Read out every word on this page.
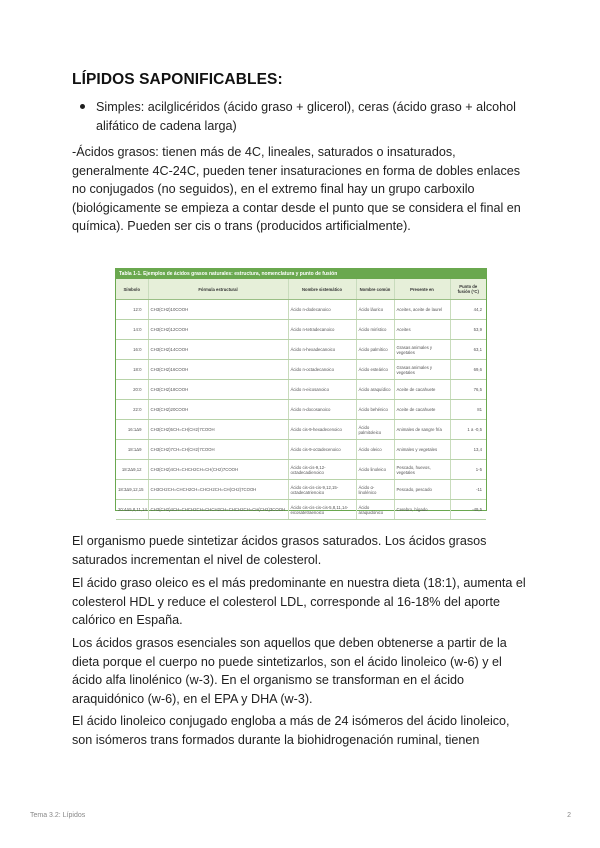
LÍPIDOS SAPONIFICABLES:
Simples: acilglicéridos (ácido graso + glicerol), ceras (ácido graso + alcohol alifático de cadena larga)
-Ácidos grasos: tienen más de 4C, lineales, saturados o insaturados, generalmente 4C-24C, pueden tener insaturaciones en forma de dobles enlaces no conjugados (no seguidos), en el extremo final hay un grupo carboxilo (biológicamente se empieza a contar desde el punto que se considera el final en química). Pueden ser cis o trans (producidos artificialmente).
Tabla 1-1. Ejemplos de ácidos grasos naturales: estructura, nomenclatura y punto de fusión
Símbolo	Fórmula estructural	Nombre sistemático	Nombre común	Presente en	Punto de fusión (°C)
12:0	CH3(CH2)10COOH	Ácido n-dodecanoico	Ácido láurico	Aceites, aceite de laurel	44,2
14:0	CH3(CH2)12COOH	Ácido n-tetradecanoico	Ácido mirístico	Aceites	53,9
16:0	CH3(CH2)14COOH	Ácido n-hexadecanoico	Ácido palmítico	Grasas animales y vegetales	63,1
18:0	CH3(CH2)16COOH	Ácido n-octadecanoico	Ácido esteárico	Grasas animales y vegetales	69,6
20:0	CH3(CH2)18COOH	Ácido n-eicosanoico	Ácido araquídico	Aceite de cacahuete	76,5
22:0	CH3(CH2)20COOH	Ácido n-docosanoico	Ácido behénico	Aceite de cacahuete	81
16:1Δ9	CH3(CH2)5CH=CH(CH2)7COOH	Ácido cis-9-hexadecenoico	Ácido palmitoleico	Animales de sangre fría	1 a -0,5
18:1Δ9	CH3(CH2)7CH=CH(CH2)7COOH	Ácido cis-9-octadecenoico	Ácido oleico	Animales y vegetales	13,4
18:2Δ9,12	CH3(CH2)4CH=CHCH2CH=CH(CH2)7COOH	Ácido cis-cis-9,12-octadecadienoico	Ácido linoleico	Pescado, huevos, vegetales	1-5
18:3Δ9,12,15	CH3CH2CH=CHCH2CH=CHCH2CH=CH(CH2)7COOH	Ácido cis-cis-cis-9,12,15-octadecatrienoico	Ácido α-linolénico	Pescado, pescado	-11
20:4Δ5,8,11,14	CH3(CH2)4CH=CHCH2CH=CHCH2CH=CHCH2CH=CH(CH2)3COOH	Ácido cis-cis-cis-cis-5,8,11,14-eicosatetraenoico	Ácido araquidónico	Cerebro, hígado	-49,5
El organismo puede sintetizar ácidos grasos saturados. Los ácidos grasos saturados incrementan el nivel de colesterol.
El ácido graso oleico es el más predominante en nuestra dieta (18:1), aumenta el colesterol HDL y reduce el colesterol LDL, corresponde al 16-18% del aporte calórico en España.
Los ácidos grasos esenciales son aquellos que deben obtenerse a partir de la dieta porque el cuerpo no puede sintetizarlos, son el ácido linoleico (w-6) y el ácido alfa linolénico (w-3). En el organismo se transforman en el ácido araquidónico (w-6), en el EPA y DHA (w-3).
El ácido linoleico conjugado engloba a más de 24 isómeros del ácido linoleico, son isómeros trans formados durante la biohidrogenación ruminal, tienen
Tema 3.2: Lípidos	2
